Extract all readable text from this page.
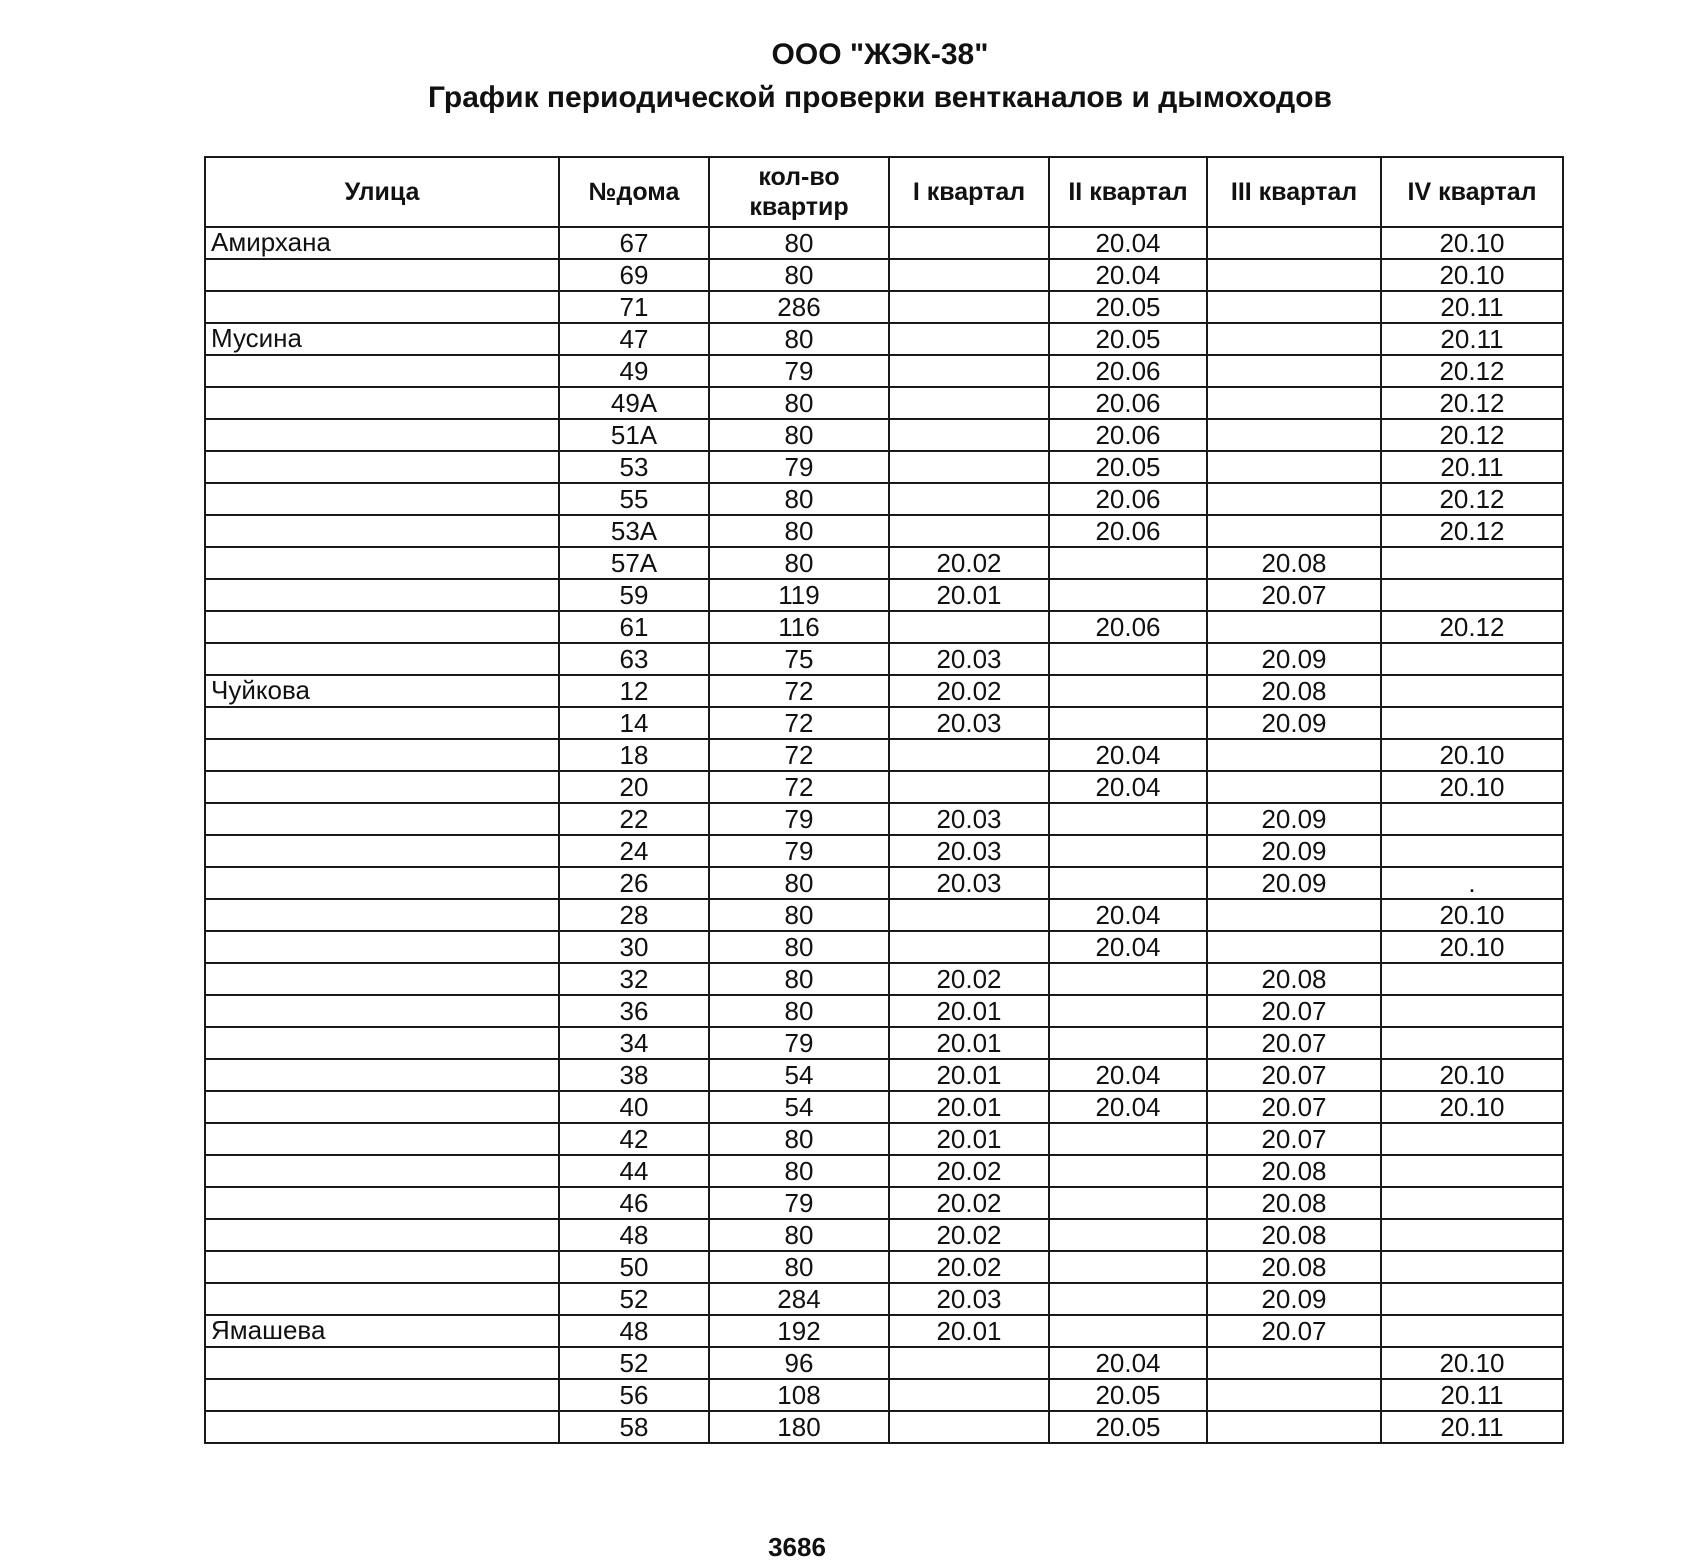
ООО "ЖЭК-38"
График периодической проверки вентканалов и дымоходов
Улица	№дома	кол-во квартир	I квартал	II квартал	III квартал	IV квартал
Амирхана	67	80		20.04		20.10
	69	80		20.04		20.10
	71	286		20.05		20.11
Мусина	47	80		20.05		20.11
	49	79		20.06		20.12
	49А	80		20.06		20.12
	51А	80		20.06		20.12
	53	79		20.05		20.11
	55	80		20.06		20.12
	53А	80		20.06		20.12
	57А	80	20.02		20.08	
	59	119	20.01		20.07	
	61	116		20.06		20.12
	63	75	20.03		20.09	
Чуйкова	12	72	20.02		20.08	
	14	72	20.03		20.09	
	18	72		20.04		20.10
	20	72		20.04		20.10
	22	79	20.03		20.09	
	24	79	20.03		20.09	
	26	80	20.03		20.09	.
	28	80		20.04		20.10
	30	80		20.04		20.10
	32	80	20.02		20.08	
	36	80	20.01		20.07	
	34	79	20.01		20.07	
	38	54	20.01	20.04	20.07	20.10
	40	54	20.01	20.04	20.07	20.10
	42	80	20.01		20.07	
	44	80	20.02		20.08	
	46	79	20.02		20.08	
	48	80	20.02		20.08	
	50	80	20.02		20.08	
	52	284	20.03		20.09	
Ямашева	48	192	20.01		20.07	
	52	96		20.04		20.10
	56	108		20.05		20.11
	58	180		20.05		20.11
3686
